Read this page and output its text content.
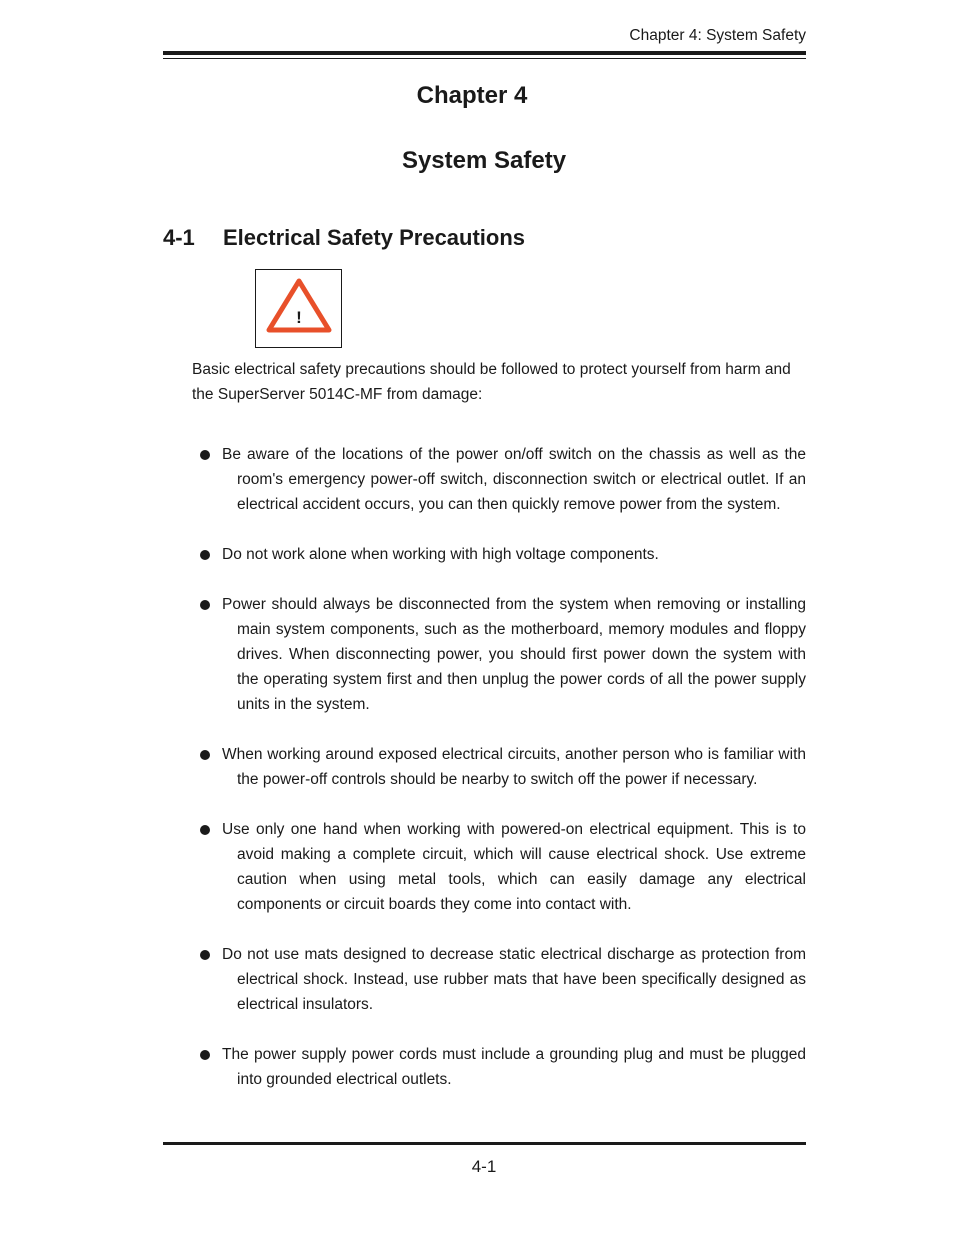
Chapter 4: System Safety
Chapter 4
System Safety
4-1 Electrical Safety Precautions
!
Basic electrical safety precautions should be followed to protect yourself from harm and the SuperServer 5014C-MF from damage:
Be aware of the locations of the power on/off switch on the chassis as well as the room's emergency power-off switch, disconnection switch or electrical outlet. If an electrical accident occurs, you can then quickly remove power from the system.
Do not work alone when working with high voltage components.
Power should always be disconnected from the system when removing or installing main system components, such as the motherboard, memory modules and floppy drives. When disconnecting power, you should first power down the system with the operating system first and then unplug the power cords of all the power supply units in the system.
When working around exposed electrical circuits, another person who is familiar with the power-off controls should be nearby to switch off the power if necessary.
Use only one hand when working with powered-on electrical equipment. This is to avoid making a complete circuit, which will cause electrical shock. Use extreme caution when using metal tools, which can easily damage any electrical components or circuit boards they come into contact with.
Do not use mats designed to decrease static electrical discharge as protection from electrical shock. Instead, use rubber mats that have been specifically designed as electrical insulators.
The power supply power cords must include a grounding plug and must be plugged into grounded electrical outlets.
4-1
